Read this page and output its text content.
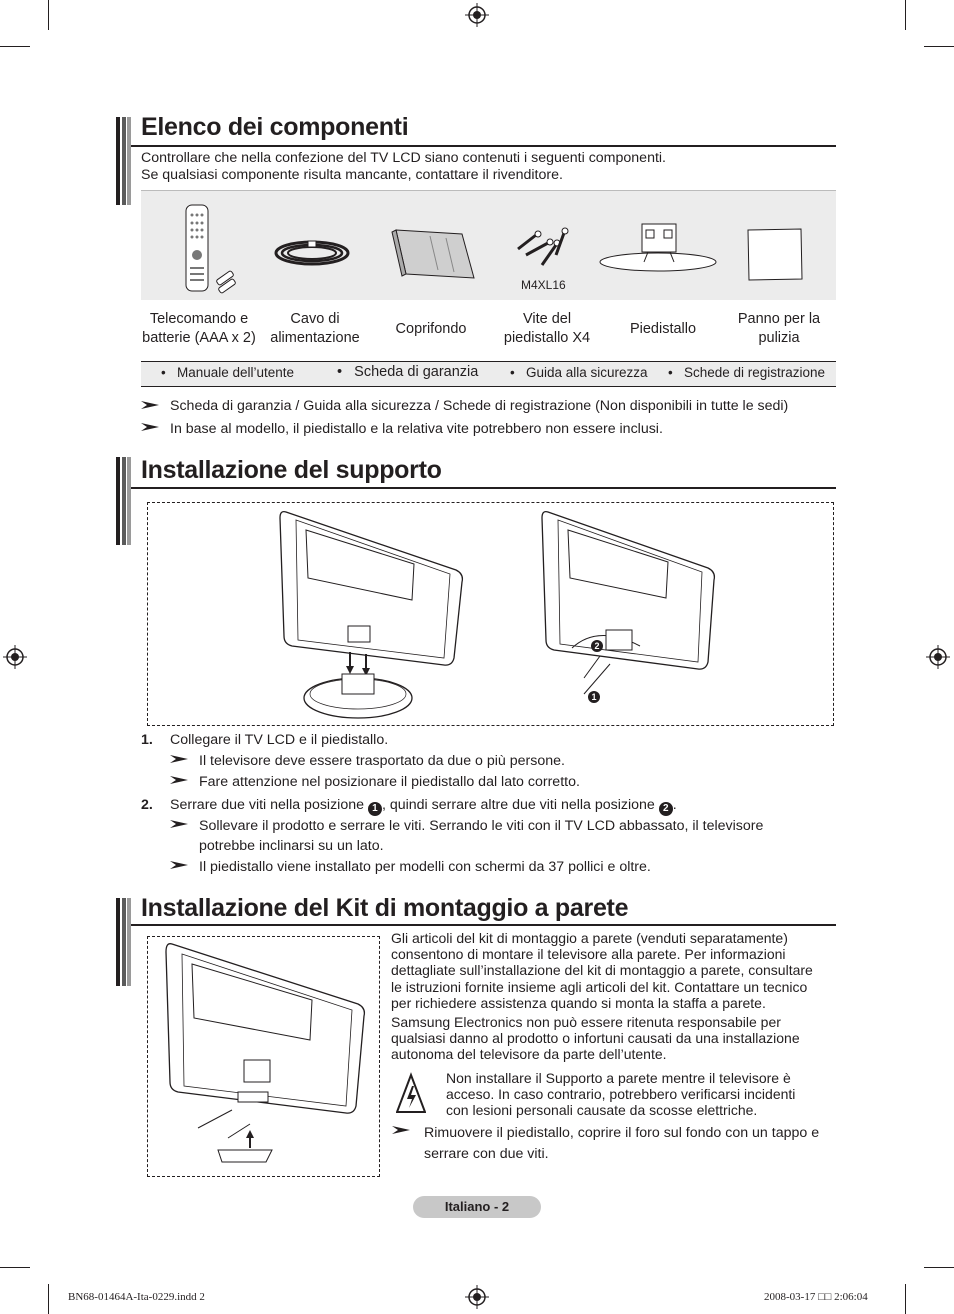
Elenco dei componenti
Controllare che nella confezione del TV LCD siano contenuti i seguenti componenti.
Se qualsiasi componente risulta mancante, contattare il rivenditore.
M4XL16
Telecomando e batterie (AAA x 2)
Cavo di alimentazione
Coprifondo
Vite del piedistallo X4
Piedistallo
Panno per la pulizia
•   Manuale dell’utente	•   Scheda di garanzia •   Guida alla sicurezza •   Schede di registrazione
Scheda di garanzia / Guida alla sicurezza / Schede di registrazione (Non disponibili in tutte le sedi)
In base al modello, il piedistallo e la relativa vite potrebbero non essere inclusi.
Installazione del supporto
2
1
1. Collegare il TV LCD e il piedistallo.
Il televisore deve essere trasportato da due o più persone.
Fare attenzione nel posizionare il piedistallo dal lato corretto.
2. Serrare due viti nella posizione 1 , quindi serrare altre due viti nella posizione 2 .
Sollevare il prodotto e serrare le viti. Serrando le viti con il TV LCD abbassato, il televisore
potrebbe inclinarsi su un lato.
Il piedistallo viene installato per modelli con schermi da 37 pollici e oltre.
Installazione del Kit di montaggio a parete
Gli articoli del kit di montaggio a parete (venduti separatamente)
consentono di montare il televisore alla parete. Per informazioni
dettagliate sull’installazione del kit di montaggio a parete, consultare
le istruzioni fornite insieme agli articoli del kit. Contattare un tecnico
per richiedere assistenza quando si monta la staffa a parete.
Samsung Electronics non può essere ritenuta responsabile per
qualsiasi danno al prodotto o infortuni causati da una installazione
autonoma del televisore da parte dell’utente.
Non installare il Supporto a parete mentre il televisore è
acceso. In caso contrario, potrebbero verificarsi incidenti
con lesioni personali causate da scosse elettriche.
Rimuovere il piedistallo, coprire il foro sul fondo con un tappo e
serrare con due viti.
Italiano - 2
BN68-01464A-Ita-0229.indd 2	2008-03-17 □□ 2:06:04
